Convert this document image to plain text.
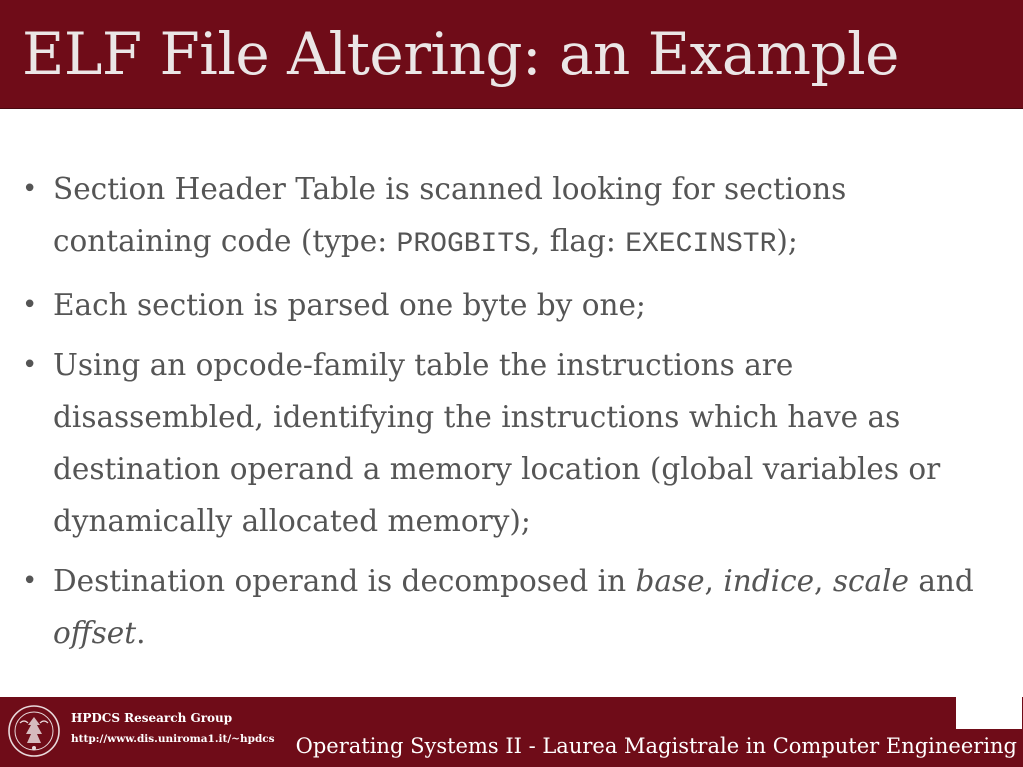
ELF File Altering: an Example
• Section Header Table is scanned looking for sections containing code (type: PROGBITS, flag: EXECINSTR);
• Each section is parsed one byte by one;
• Using an opcode-family table the instructions are disassembled, identifying the instructions which have as destination operand a memory location (global variables or dynamically allocated memory);
• Destination operand is decomposed in base, indice, scale and offset.
HPDCS Research Group
http://www.dis.uniroma1.it/~hpdcs Operating Systems II - Laurea Magistrale in Computer Engineering
